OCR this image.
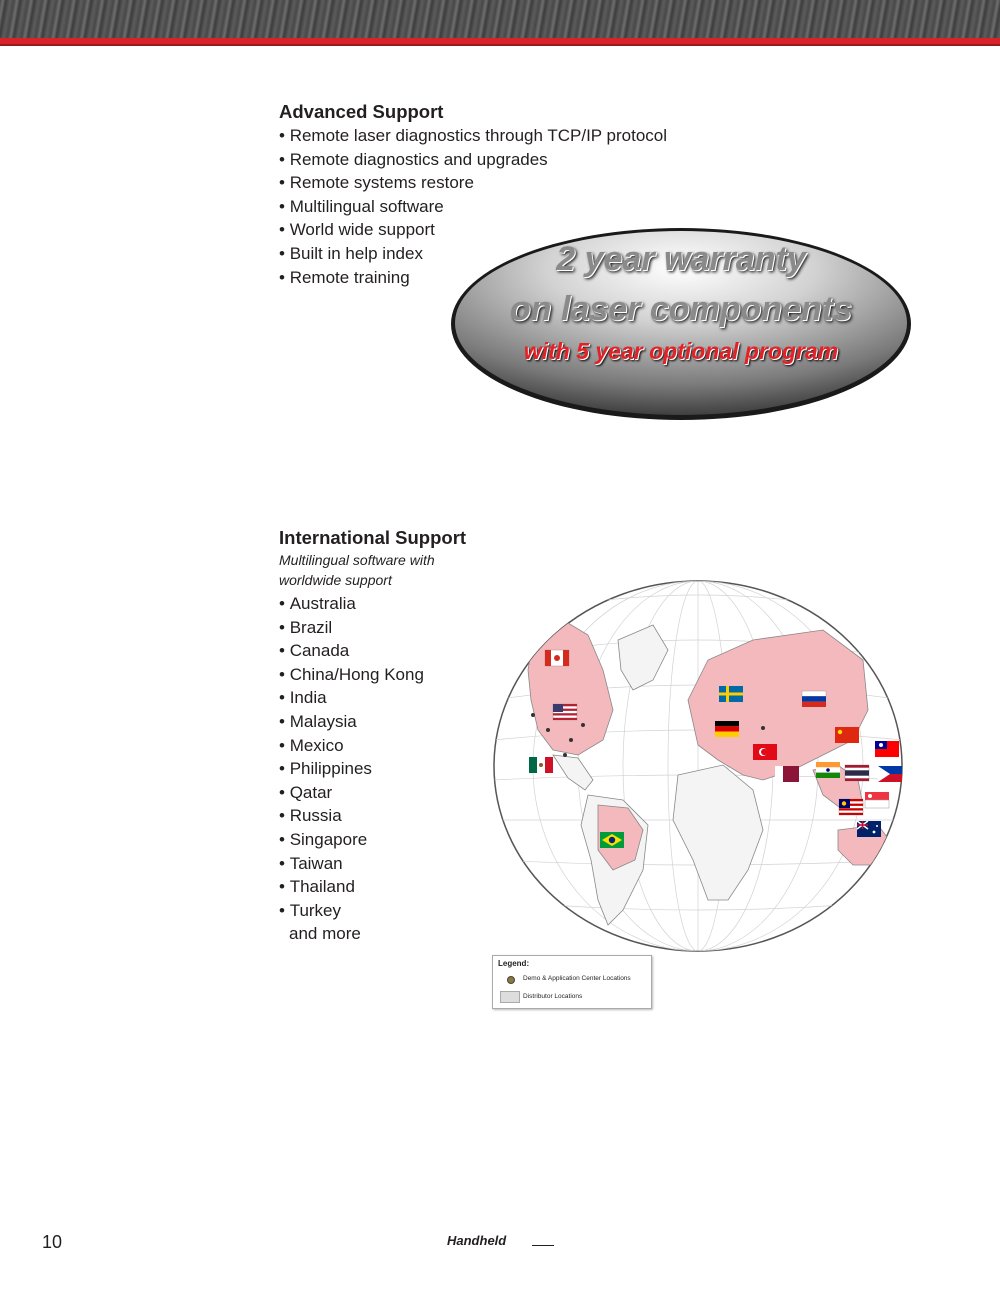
Advanced Support
• Remote laser diagnostics through TCP/IP protocol
• Remote diagnostics and upgrades
• Remote systems restore
• Multilingual software
• World wide support
• Built in help index
• Remote training	2 year warranty
on laser components
with 5 year optional program
International Support
Multilingual software with
worldwide support
• Australia
• Brazil
• Canada
• China/Hong Kong
• India
• Malaysia
• Mexico
• Philippines
• Qatar
• Russia
• Singapore
• Taiwan
• Thailand
• Turkey
and more
Legend:
Demo & Application Center Locations
Distributor Locations
10	Handheld
